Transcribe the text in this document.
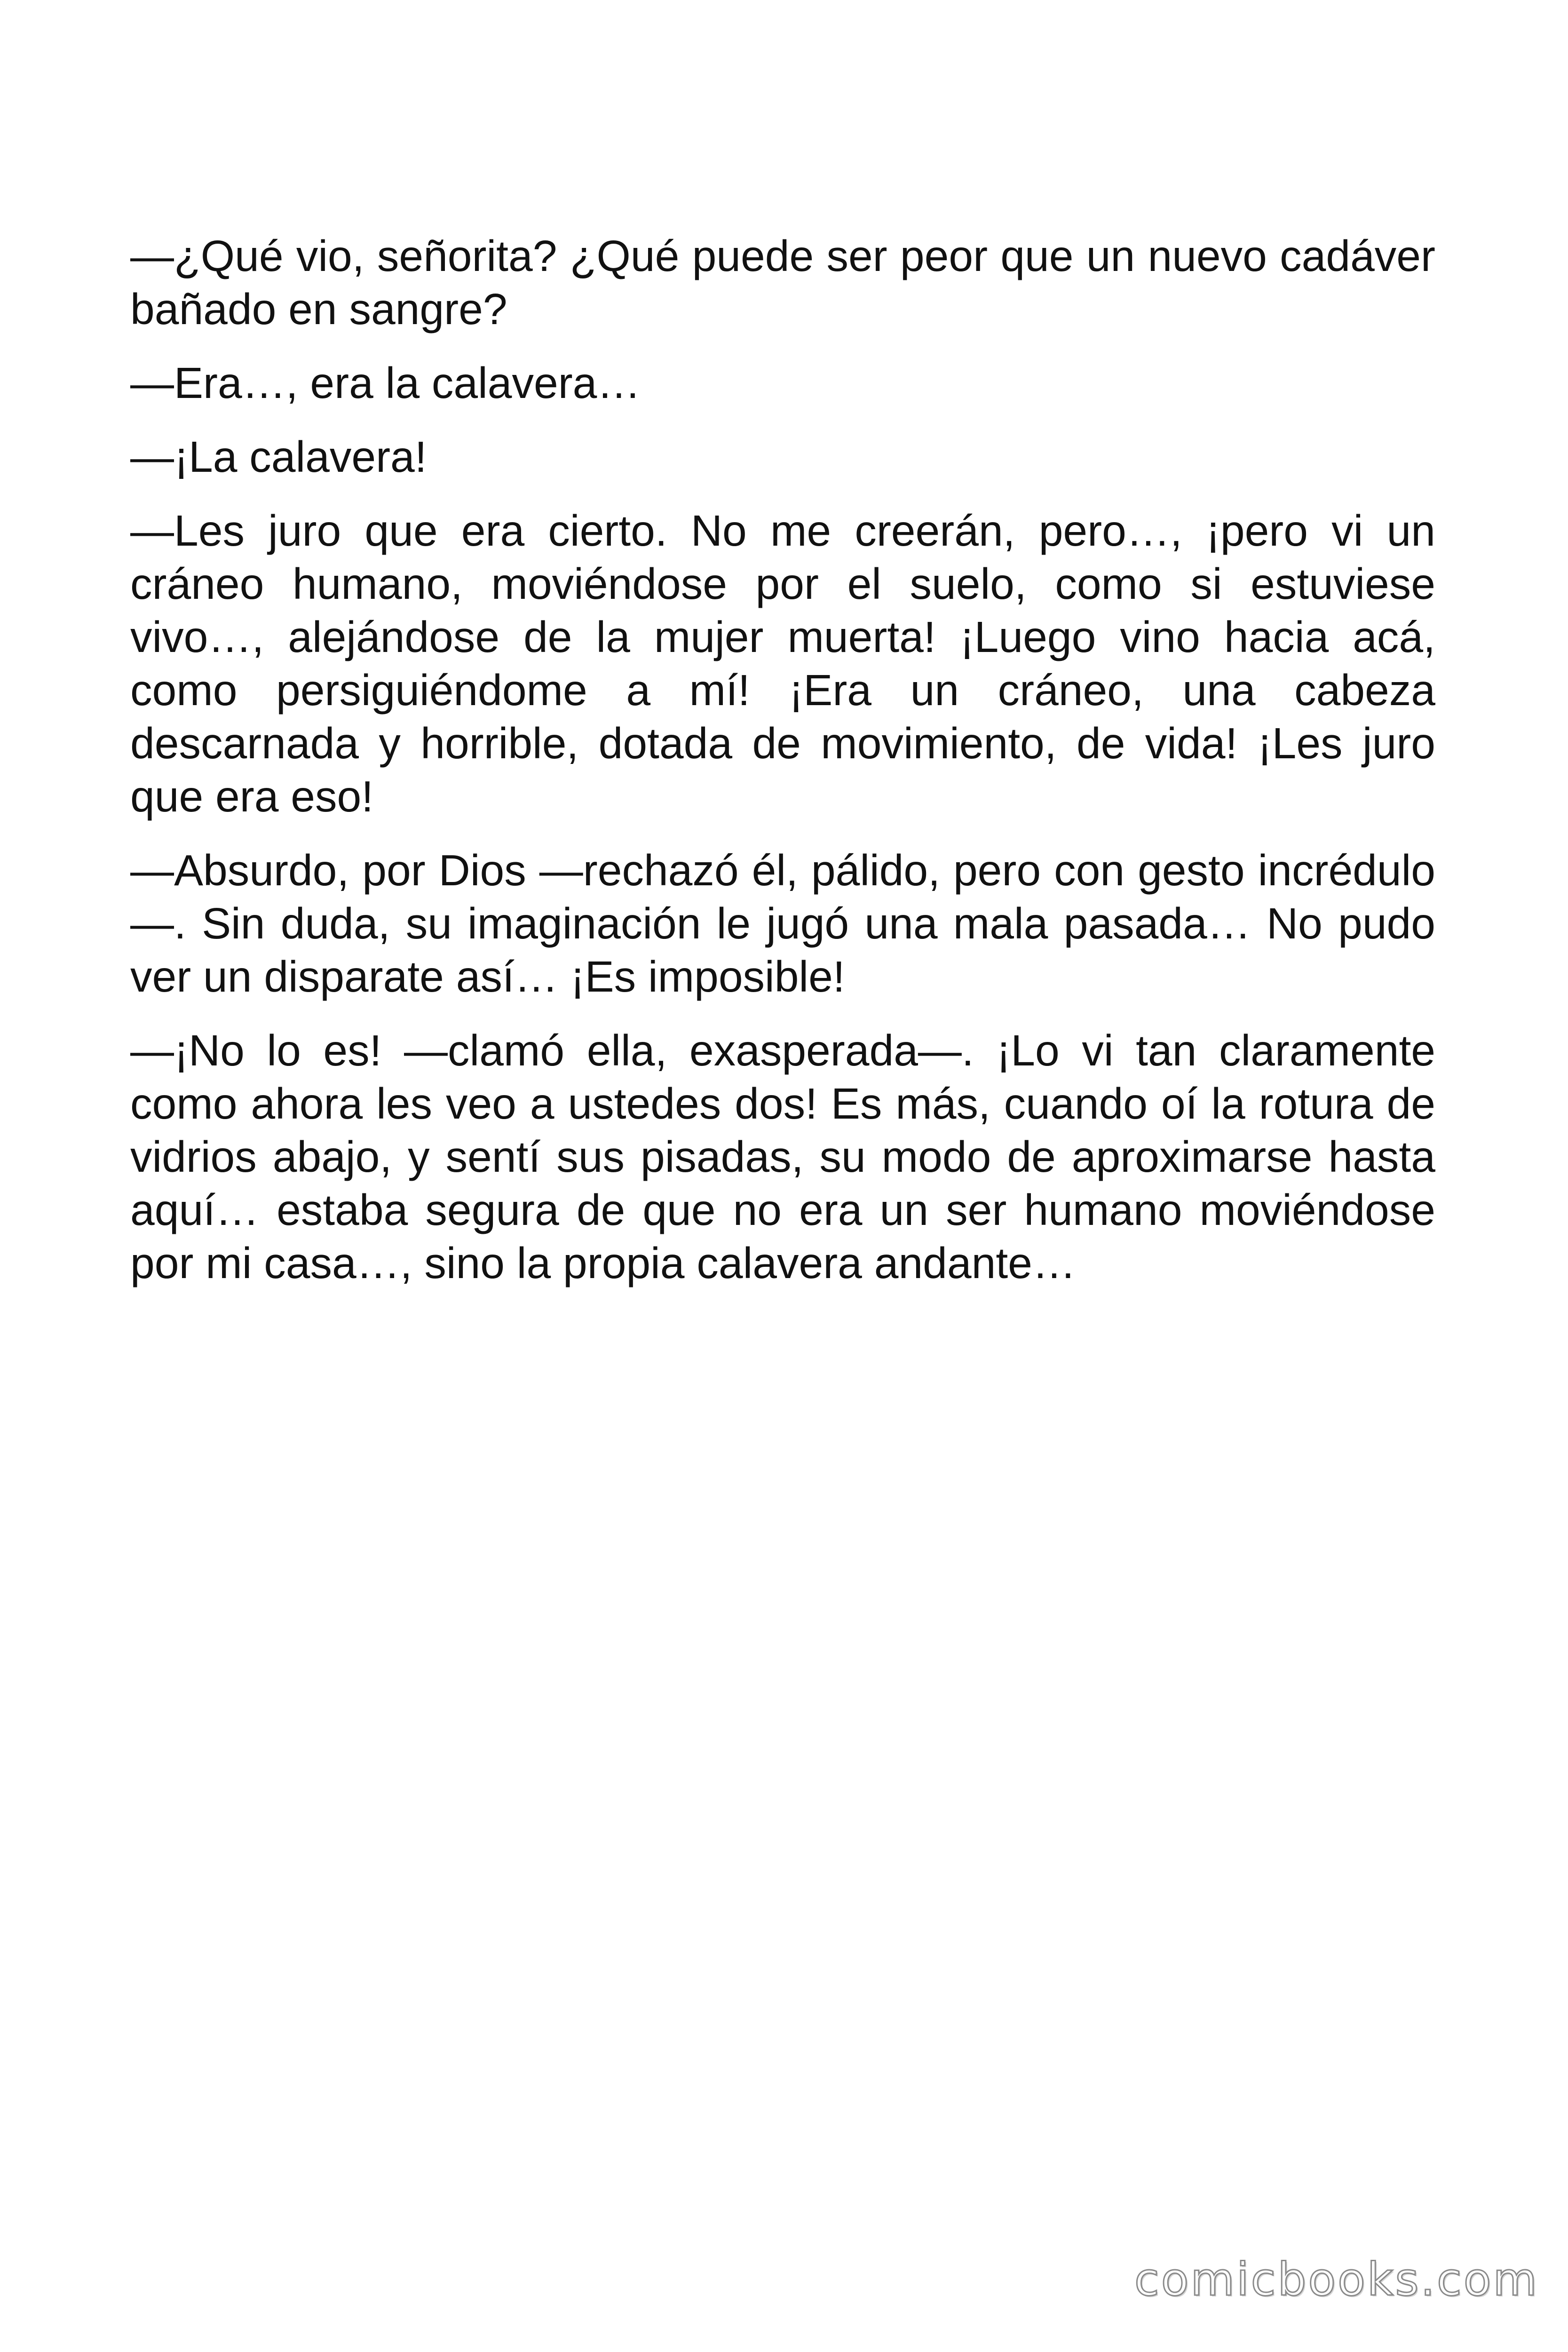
—¿Qué vio, señorita? ¿Qué puede ser peor que un nuevo cadáver bañado en sangre?

—Era…, era la calavera…

—¡La calavera!

—Les juro que era cierto. No me creerán, pero…, ¡pero vi un cráneo humano, moviéndose por el suelo, como si estuviese vivo…, alejándose de la mujer muerta! ¡Luego vino hacia acá, como persiguiéndome a mí! ¡Era un cráneo, una cabeza descarnada y horrible, dotada de movimiento, de vida! ¡Les juro que era eso!

—Absurdo, por Dios —rechazó él, pálido, pero con gesto incrédulo —. Sin duda, su imaginación le jugó una mala pasada… No pudo ver un disparate así… ¡Es imposible!

—¡No lo es! —clamó ella, exasperada—. ¡Lo vi tan claramente como ahora les veo a ustedes dos! Es más, cuando oí la rotura de vidrios abajo, y sentí sus pisadas, su modo de aproximarse hasta aquí… estaba segura de que no era un ser humano moviéndose por mi casa…, sino la propia calavera andante…

comicbooks.com
